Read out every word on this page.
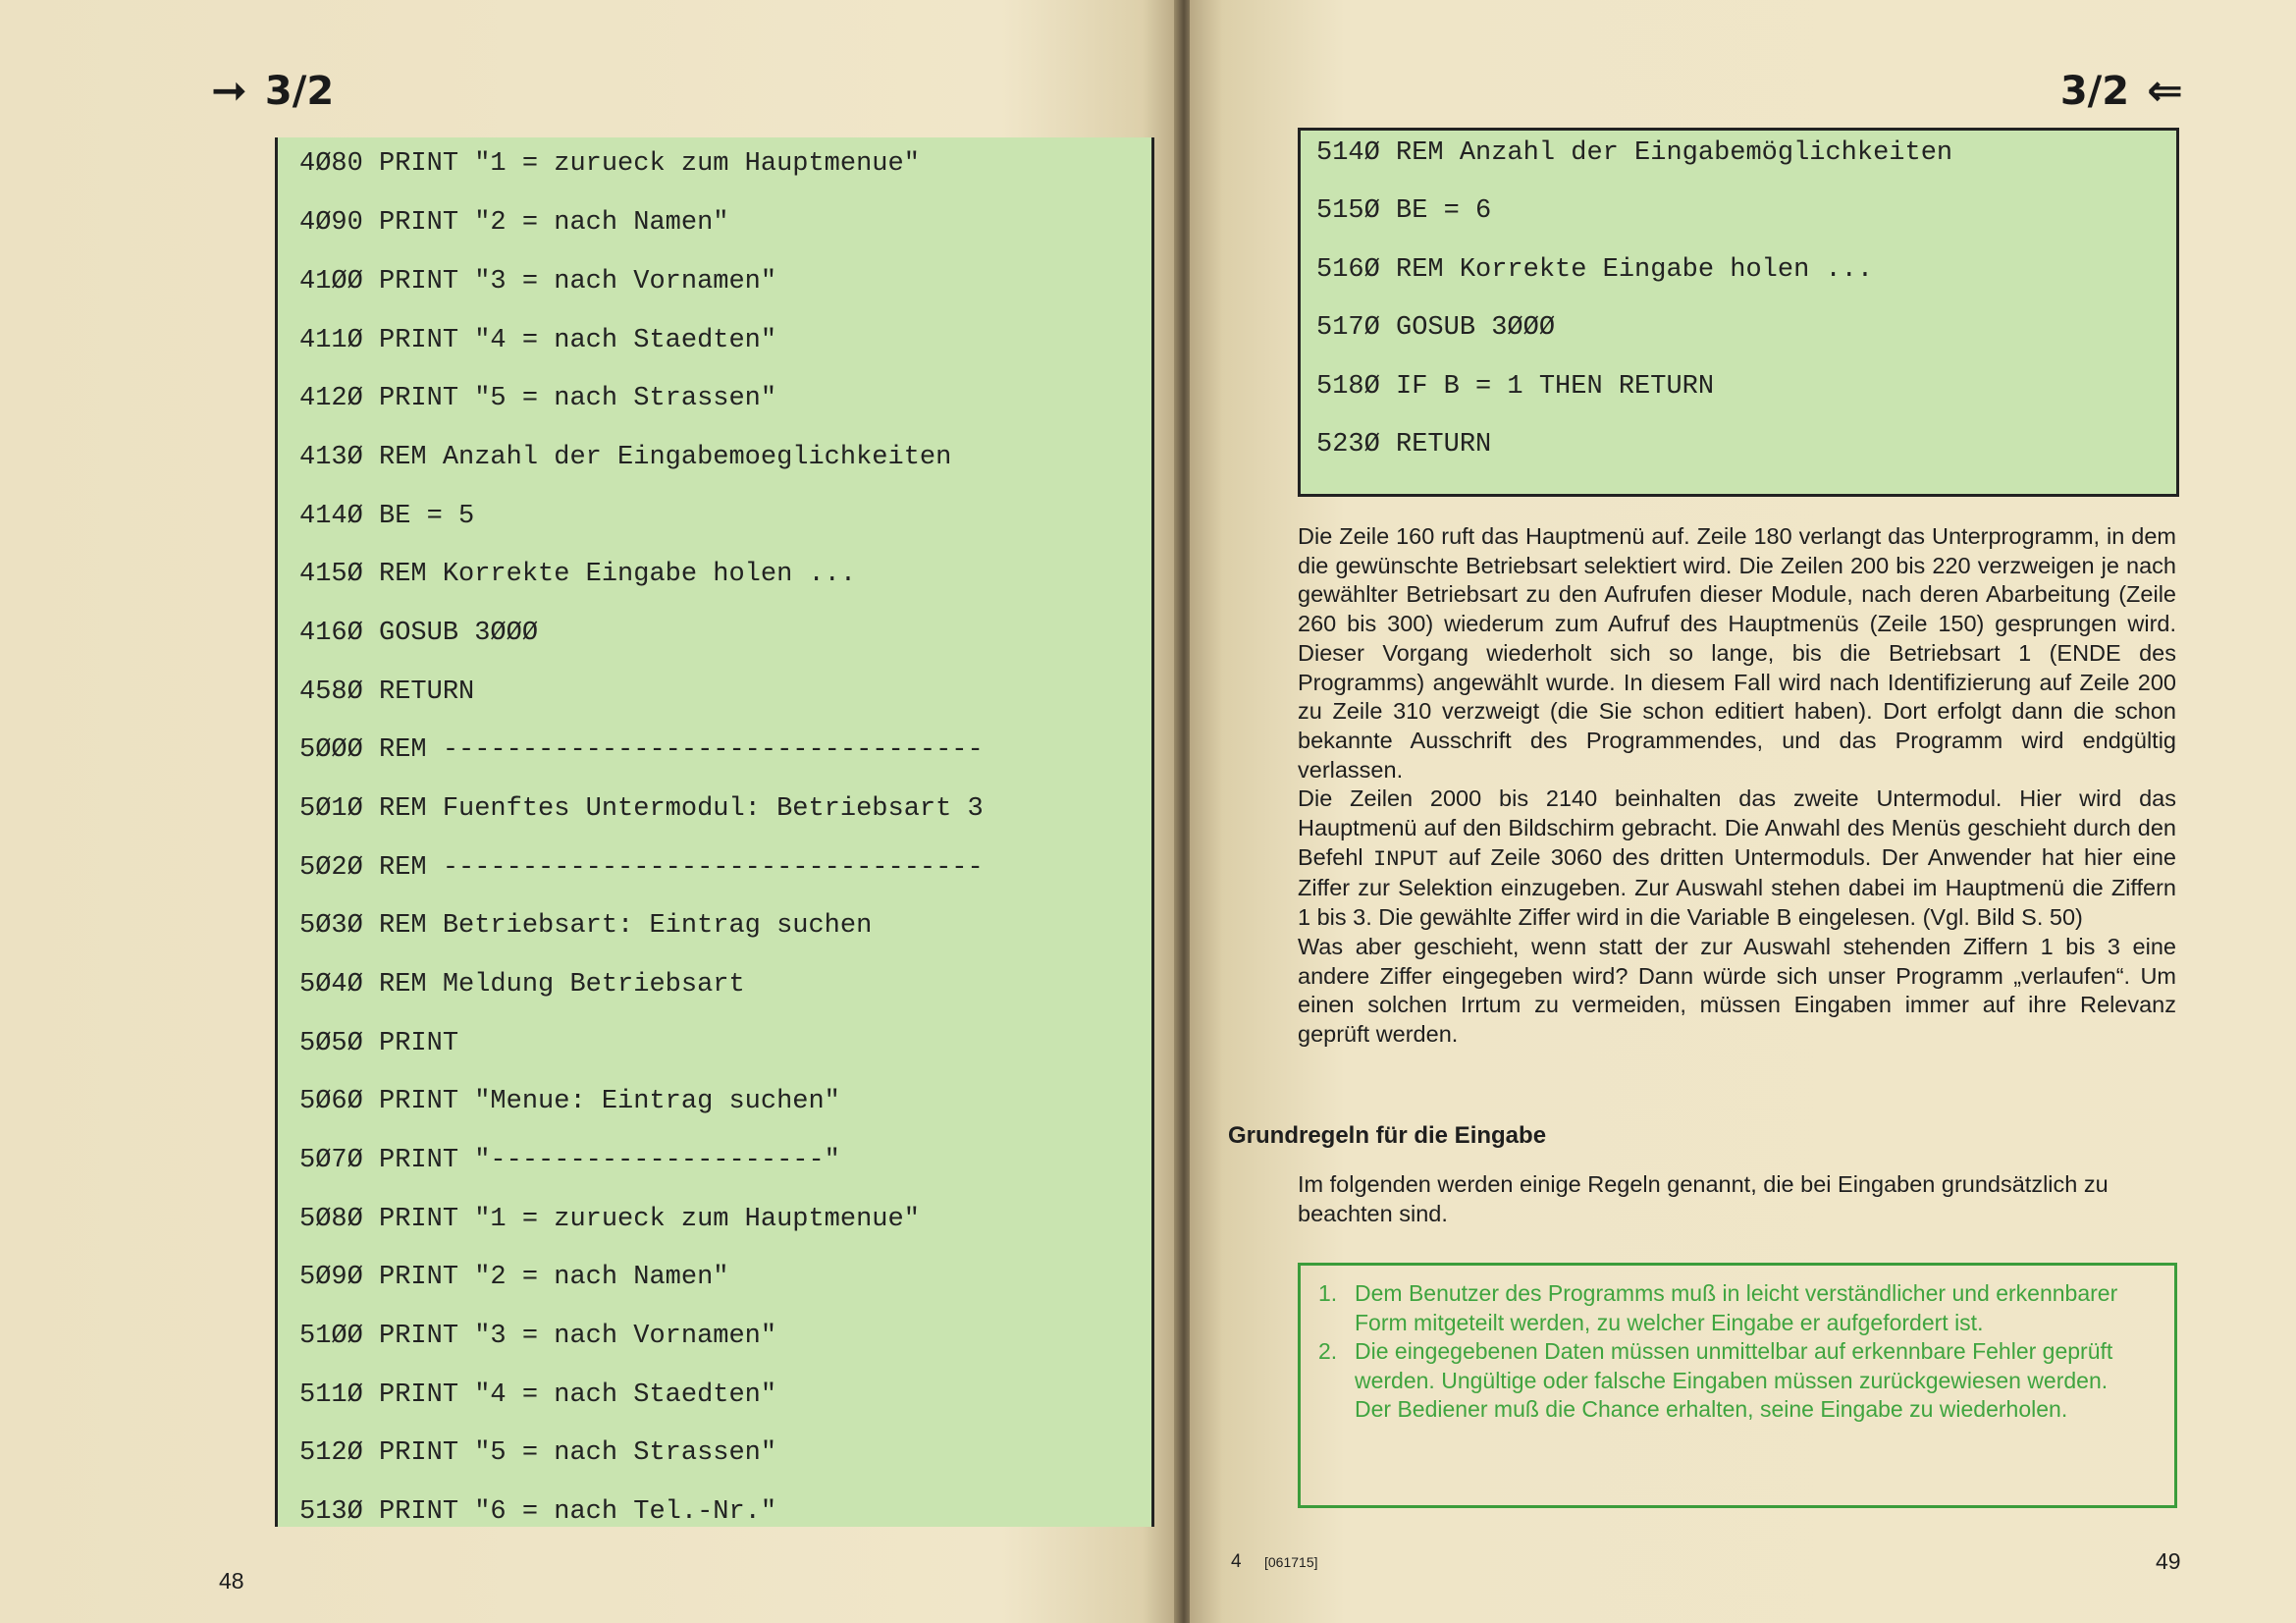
➞ 3/2
4Ø80 PRINT "1 = zurueck zum Hauptmenue"
4Ø90 PRINT "2 = nach Namen"
41ØØ PRINT "3 = nach Vornamen"
411Ø PRINT "4 = nach Staedten"
412Ø PRINT "5 = nach Strassen"
413Ø REM Anzahl der Eingabemoeglichkeiten
414Ø BE = 5
415Ø REM Korrekte Eingabe holen ...
416Ø GOSUB 3ØØØ
458Ø RETURN
5ØØØ REM ----------------------------------
5Ø1Ø REM Fuenftes Untermodul: Betriebsart 3
5Ø2Ø REM ----------------------------------
5Ø3Ø REM Betriebsart: Eintrag suchen
5Ø4Ø REM Meldung Betriebsart
5Ø5Ø PRINT
5Ø6Ø PRINT "Menue: Eintrag suchen"
5Ø7Ø PRINT "---------------------"
5Ø8Ø PRINT "1 = zurueck zum Hauptmenue"
5Ø9Ø PRINT "2 = nach Namen"
51ØØ PRINT "3 = nach Vornamen"
511Ø PRINT "4 = nach Staedten"
512Ø PRINT "5 = nach Strassen"
513Ø PRINT "6 = nach Tel.-Nr."
48
3/2 ⇐
514Ø REM Anzahl der Eingabemöglichkeiten
515Ø BE = 6
516Ø REM Korrekte Eingabe holen ...
517Ø GOSUB 3ØØØ
518Ø IF B = 1 THEN RETURN
523Ø RETURN

Die Zeile 160 ruft das Hauptmenü auf. Zeile 180 verlangt das Unterprogramm, in dem die gewünschte Betriebsart selektiert wird. Die Zeilen 200 bis 220 verzweigen je nach gewählter Betriebsart zu den Aufrufen dieser Module, nach deren Abarbeitung (Zeile 260 bis 300) wiederum zum Aufruf des Hauptmenüs (Zeile 150) gesprungen wird. Dieser Vorgang wiederholt sich so lange, bis die Betriebsart 1 (ENDE des Programms) angewählt wurde. In diesem Fall wird nach Identifizierung auf Zeile 200 zu Zeile 310 verzweigt (die Sie schon editiert haben). Dort erfolgt dann die schon bekannte Ausschrift des Programmendes, und das Programm wird endgültig verlassen.

Die Zeilen 2000 bis 2140 beinhalten das zweite Untermodul. Hier wird das Hauptmenü auf den Bildschirm gebracht. Die Anwahl des Menüs geschieht durch den Befehl INPUT auf Zeile 3060 des dritten Untermoduls. Der Anwender hat hier eine Ziffer zur Selektion einzugeben. Zur Auswahl stehen dabei im Hauptmenü die Ziffern 1 bis 3. Die gewählte Ziffer wird in die Variable B eingelesen. (Vgl. Bild S. 50)

Was aber geschieht, wenn statt der zur Auswahl stehenden Ziffern 1 bis 3 eine andere Ziffer eingegeben wird? Dann würde sich unser Programm „verlaufen“. Um einen solchen Irrtum zu vermeiden, müssen Eingaben immer auf ihre Relevanz geprüft werden.

Grundregeln für die Eingabe
Im folgenden werden einige Regeln genannt, die bei Eingaben grundsätzlich zu beachten sind.
1. Dem Benutzer des Programms muß in leicht verständlicher und erkennbarer Form mitgeteilt werden, zu welcher Eingabe er aufgefordert ist.
2. Die eingegebenen Daten müssen unmittelbar auf erkennbare Fehler geprüft werden. Ungültige oder falsche Eingaben müssen zurückgewiesen werden. Der Bediener muß die Chance erhalten, seine Eingabe zu wiederholen.
4 [061715]	49
